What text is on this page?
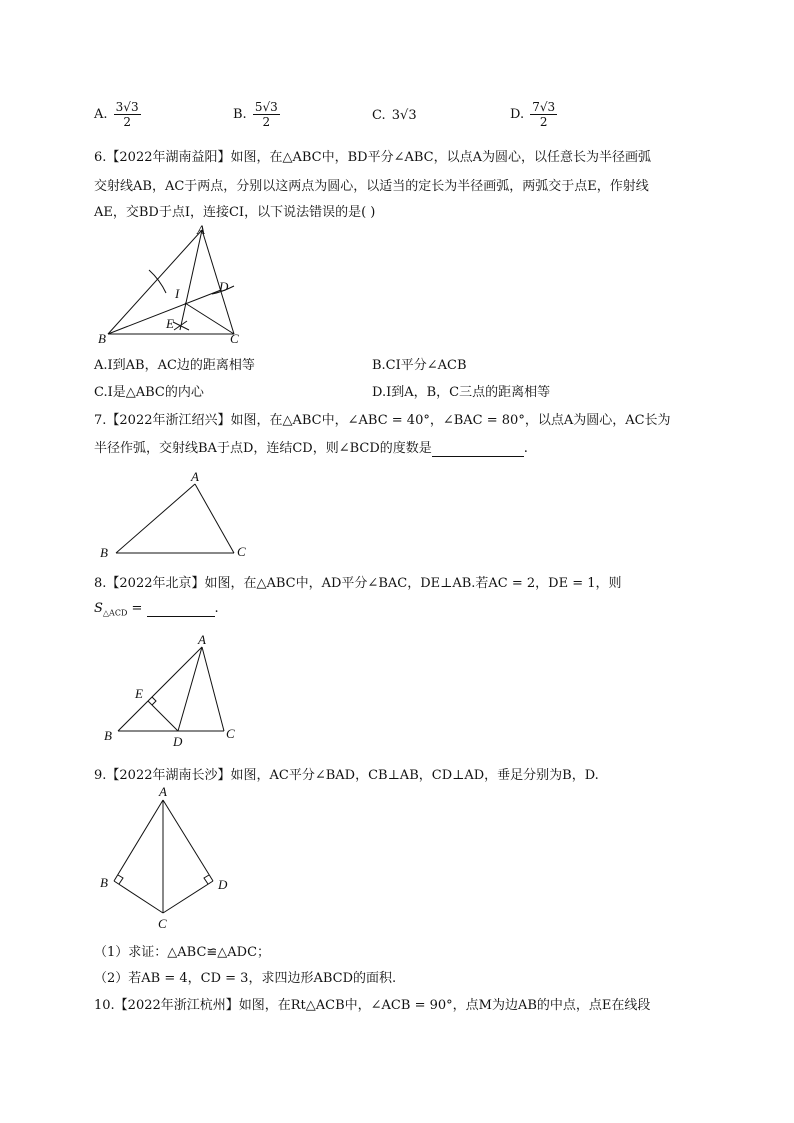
A. $\frac{3√3}{2}$	B. $\frac{5√3}{2}$	C. 3√3	D. $\frac{7√3}{2}$
6.【2022年湖南益阳】如图，在△ABC中，BD平分∠ABC，以点A为圆心，以任意长为半径画弧
交射线AB，AC于两点，分别以这两点为圆心，以适当的定长为半径画弧，两弧交于点E，作射线
AE，交BD于点I，连接CI，以下说法错误的是( )
A
B	C
D
E
I
A.I到AB，AC边的距离相等	B.CI平分∠ACB
C.I是△ABC的内心	D.I到A，B，C三点的距离相等
7.【2022年浙江绍兴】如图，在△ABC中，∠ABC = 40°，∠BAC = 80°，以点A为圆心，AC长为
半径作弧，交射线BA于点D，连结CD，则∠BCD的度数是	.
A
B	C
8.【2022年北京】如图，在△ABC中，AD平分∠BAC，DE⊥AB.若AC = 2，DE = 1，则
$S_{\triangle ACD}$ =	.
A
B	C
D
E
9.【2022年湖南长沙】如图，AC平分∠BAD，CB⊥AB，CD⊥AD，垂足分别为B，D.
A
B
C
D
（1）求证：△ABC≌△ADC；
（2）若AB = 4，CD = 3，求四边形ABCD的面积.
10.【2022年浙江杭州】如图，在Rt△ACB中，∠ACB = 90°，点M为边AB的中点，点E在线段
